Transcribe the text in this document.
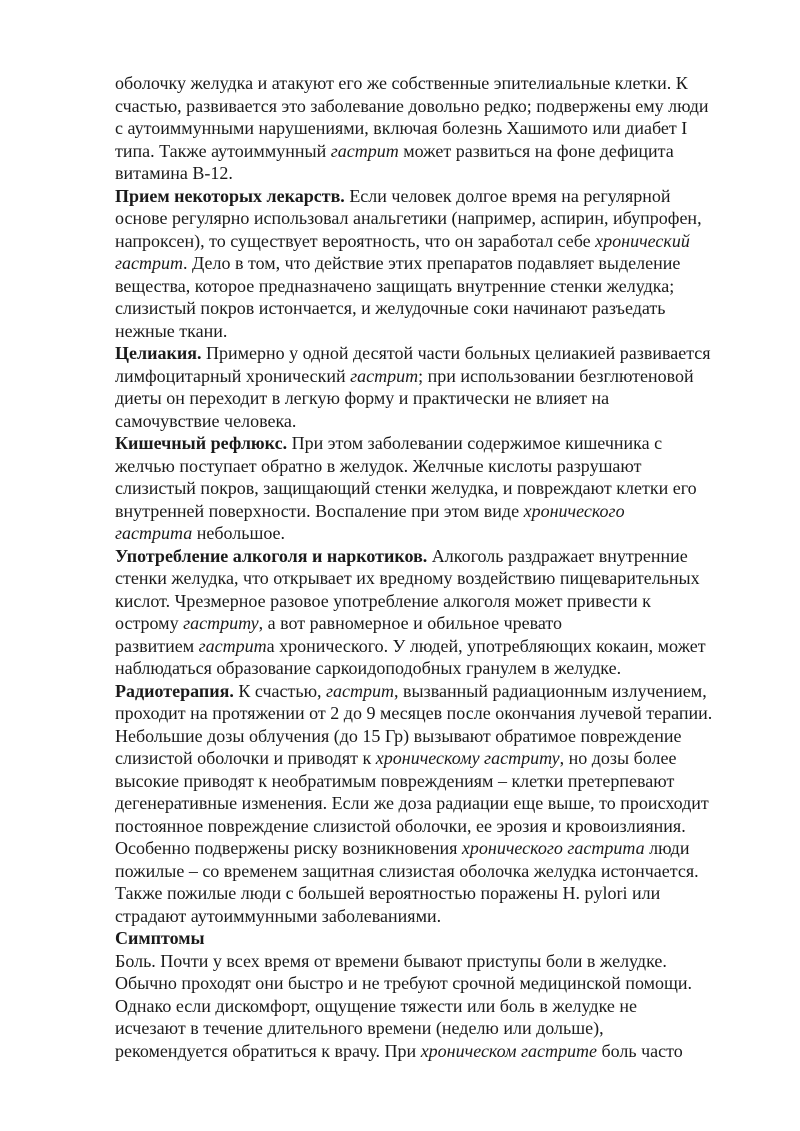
оболочку желудка и атакуют его же собственные эпителиальные клетки. К
счастью, развивается это заболевание довольно редко; подвержены ему люди
с аутоиммунными нарушениями, включая болезнь Хашимото или диабет I
типа. Также аутоиммунный гастрит может развиться на фоне дефицита
витамина В-12.
Прием некоторых лекарств. Если человек долгое время на регулярной
основе регулярно использовал анальгетики (например, аспирин, ибупрофен,
напроксен), то существует вероятность, что он заработал себе хронический
гастрит. Дело в том, что действие этих препаратов подавляет выделение
вещества, которое предназначено защищать внутренние стенки желудка;
слизистый покров истончается, и желудочные соки начинают разъедать
нежные ткани.
Целиакия. Примерно у одной десятой части больных целиакией развивается
лимфоцитарный хронический гастрит; при использовании безглютеновой
диеты он переходит в легкую форму и практически не влияет на
самочувствие человека.
Кишечный рефлюкс. При этом заболевании содержимое кишечника с
желчью поступает обратно в желудок. Желчные кислоты разрушают
слизистый покров, защищающий стенки желудка, и повреждают клетки его
внутренней поверхности. Воспаление при этом виде хронического
гастрита небольшое.
Употребление алкоголя и наркотиков. Алкоголь раздражает внутренние
стенки желудка, что открывает их вредному воздействию пищеварительных
кислот. Чрезмерное разовое употребление алкоголя может привести к
острому гастриту, а вот равномерное и обильное чревато
развитием гастрита хронического. У людей, употребляющих кокаин, может
наблюдаться образование саркоидоподобных гранулем в желудке.
Радиотерапия. К счастью, гастрит, вызванный радиационным излучением,
проходит на протяжении от 2 до 9 месяцев после окончания лучевой терапии.
Небольшие дозы облучения (до 15 Гр) вызывают обратимое повреждение
слизистой оболочки и приводят к хроническому гастриту, но дозы более
высокие приводят к необратимым повреждениям – клетки претерпевают
дегенеративные изменения. Если же доза радиации еще выше, то происходит
постоянное повреждение слизистой оболочки, ее эрозия и кровоизлияния.
Особенно подвержены риску возникновения хронического гастрита люди
пожилые – со временем защитная слизистая оболочка желудка истончается.
Также пожилые люди с большей вероятностью поражены H. pylori или
страдают аутоиммунными заболеваниями.
Симптомы
Боль. Почти у всех время от времени бывают приступы боли в желудке.
Обычно проходят они быстро и не требуют срочной медицинской помощи.
Однако если дискомфорт, ощущение тяжести или боль в желудке не
исчезают в течение длительного времени (неделю или дольше),
рекомендуется обратиться к врачу. При хроническом гастрите боль часто
